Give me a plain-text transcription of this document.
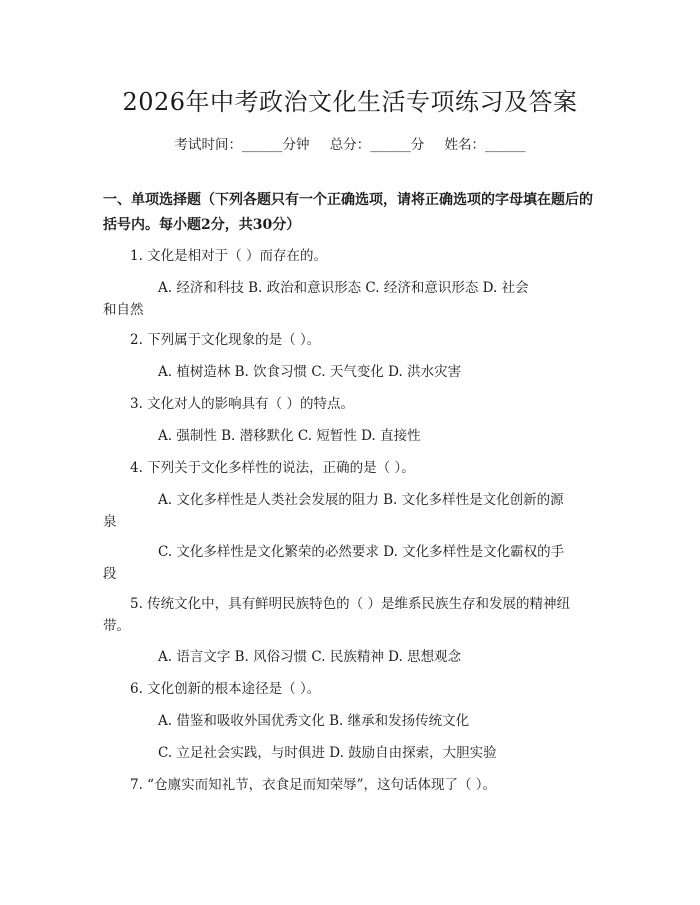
2026年中考政治文化生活专项练习及答案
考试时间：______分钟 总分：______分 姓名：______
一、单项选择题（下列各题只有一个正确选项，请将正确选项的字母填在题后的括号内。每小题2分，共30分）
1. 文化是相对于（ ）而存在的。
A. 经济和科技 B. 政治和意识形态 C. 经济和意识形态 D. 社会
和自然
2. 下列属于文化现象的是（ ）。
A. 植树造林 B. 饮食习惯 C. 天气变化 D. 洪水灾害
3. 文化对人的影响具有（ ）的特点。
A. 强制性 B. 潜移默化 C. 短暂性 D. 直接性
4. 下列关于文化多样性的说法，正确的是（ ）。
A. 文化多样性是人类社会发展的阻力 B. 文化多样性是文化创新的源
泉
C. 文化多样性是文化繁荣的必然要求 D. 文化多样性是文化霸权的手
段
5. 传统文化中，具有鲜明民族特色的（ ）是维系民族生存和发展的精神纽
带。
A. 语言文字 B. 风俗习惯 C. 民族精神 D. 思想观念
6. 文化创新的根本途径是（ ）。
A. 借鉴和吸收外国优秀文化 B. 继承和发扬传统文化
C. 立足社会实践，与时俱进 D. 鼓励自由探索，大胆实验
7. “仓廪实而知礼节，衣食足而知荣辱”，这句话体现了（ ）。
